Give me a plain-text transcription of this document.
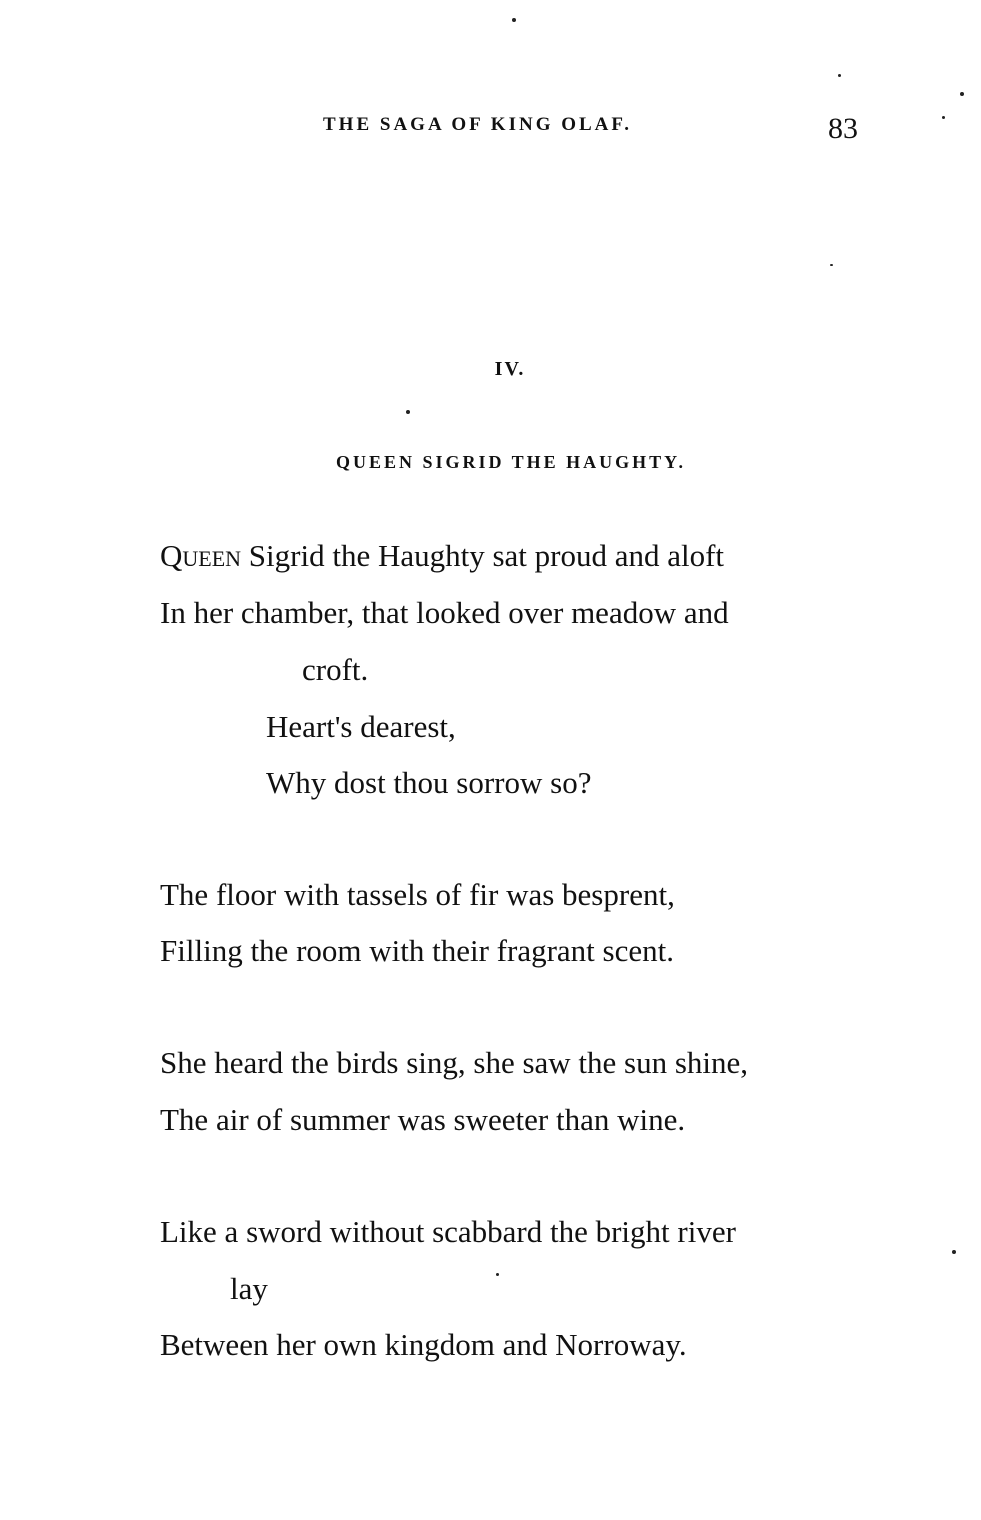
THE SAGA OF KING OLAF.	83
IV.
QUEEN SIGRID THE HAUGHTY.
Queen Sigrid the Haughty sat proud and aloft
In her chamber, that looked over meadow and
croft.
Heart's dearest,
Why dost thou sorrow so?
The floor with tassels of fir was besprent,
Filling the room with their fragrant scent.
She heard the birds sing, she saw the sun shine,
The air of summer was sweeter than wine.
Like a sword without scabbard the bright river
lay
Between her own kingdom and Norroway.
